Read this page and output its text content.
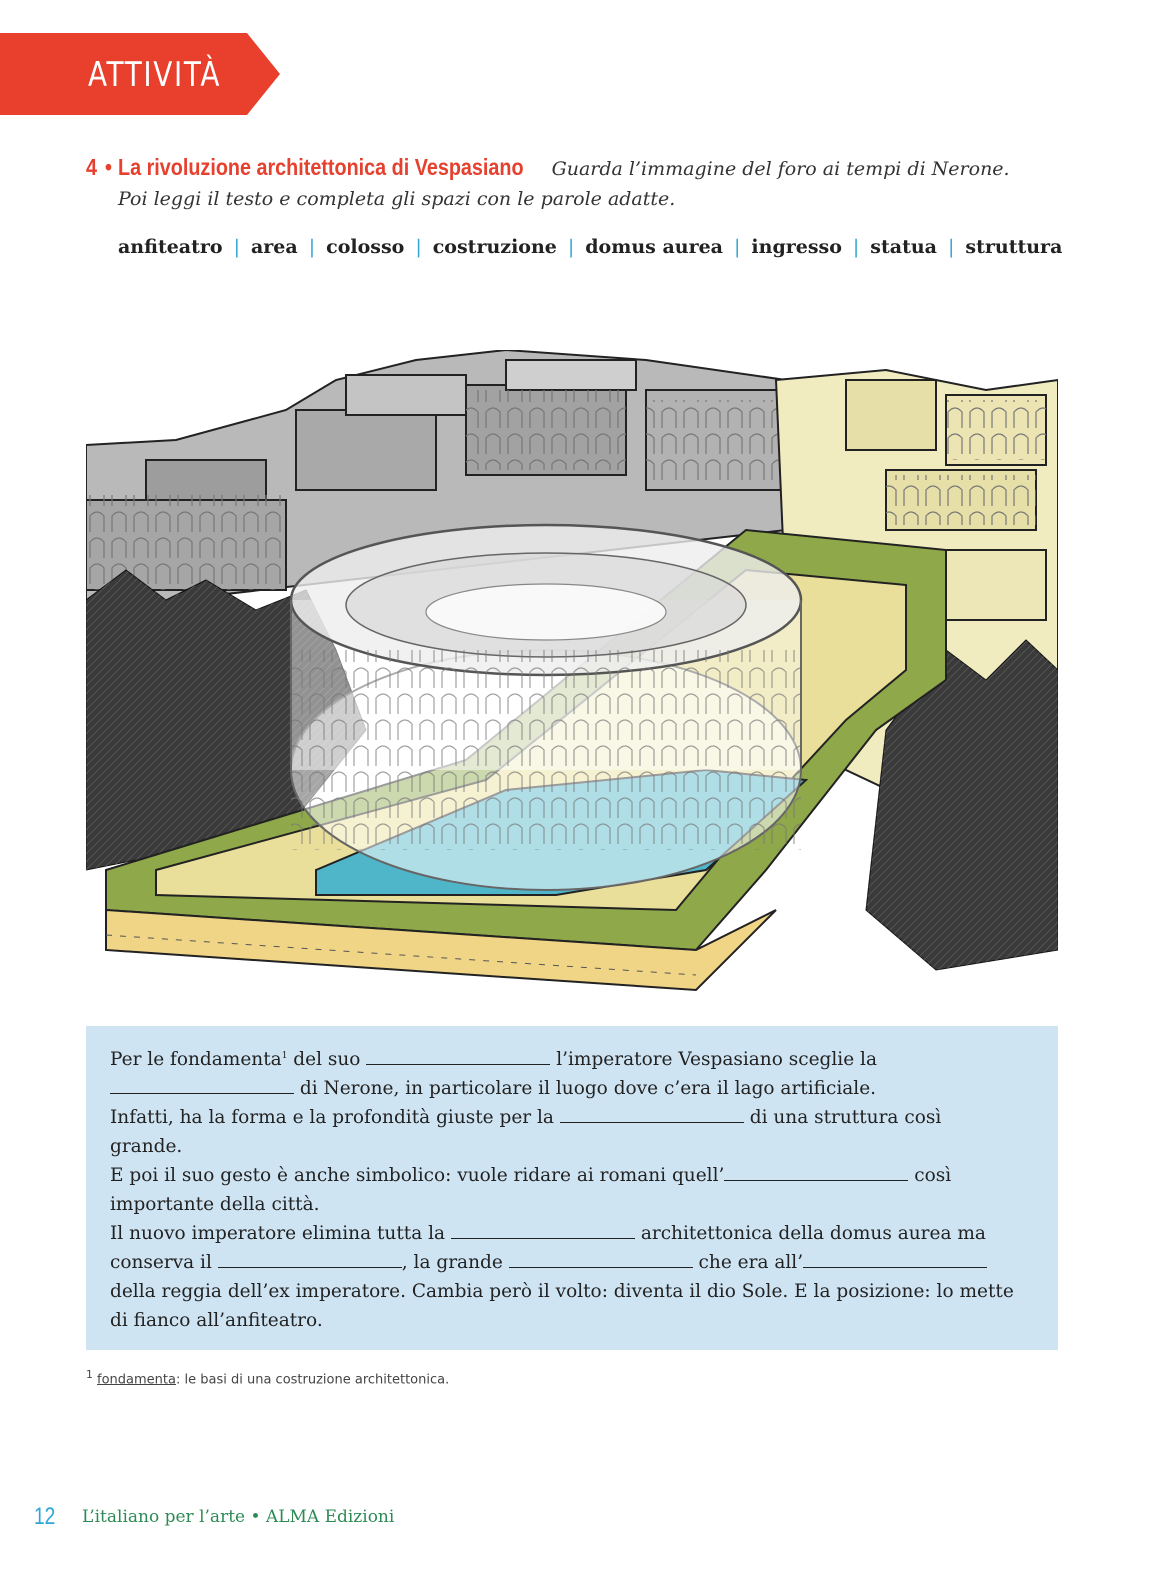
ATTIVITÀ
4 • La rivoluzione architettonica di Vespasiano Guarda l’immagine del foro ai tempi di Nerone.
Poi leggi il testo e completa gli spazi con le parole adatte.
anfiteatro | area | colosso | costruzione | domus aurea | ingresso | statua | struttura
Per le fondamenta$^1$ del suo	l’imperatore Vespasiano sceglie la
di Nerone, in particolare il luogo dove c’era il lago artificiale.
Infatti, ha la forma e la profondità giuste per la	di una struttura così
grande.
E poi il suo gesto è anche simbolico: vuole ridare ai romani quell’	così
importante della città.
Il nuovo imperatore elimina tutta la	architettonica della domus aurea ma
conserva il	, la grande	che era all’
della reggia dell’ex imperatore. Cambia però il volto: diventa il dio Sole. E la posizione: lo mette
di fianco all’anfiteatro.
$^1$ fondamenta: le basi di una costruzione architettonica.
12	L’italiano per l’arte • ALMA Edizioni
